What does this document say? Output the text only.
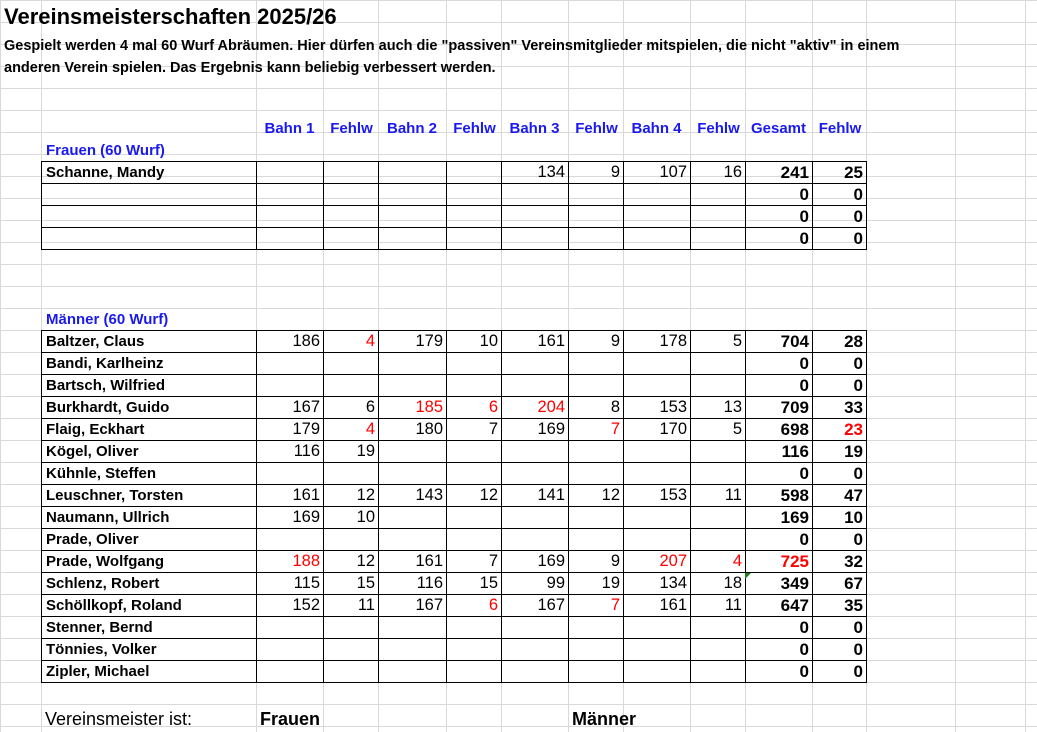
Vereinsmeisterschaften 2025/26
Gespielt werden 4 mal 60 Wurf Abräumen. Hier dürfen auch die "passiven" Vereinsmitglieder mitspielen, die nicht "aktiv" in einem
anderen Verein spielen. Das Ergebnis kann beliebig verbessert werden.
Bahn 1	Fehlw Bahn 2	Fehlw Bahn 3	Fehlw Bahn 4	Fehlw Gesamt Fehlw
Frauen (60 Wurf)
Schanne, Mandy					134	9	107	16	241	25
									0	0
									0	0
									0	0
Männer (60 Wurf)
Baltzer, Claus	186	4	179	10	161	9	178	5	704	28
Bandi, Karlheinz									0	0
Bartsch, Wilfried									0	0
Burkhardt, Guido	167	6	185	6	204	8	153	13	709	33
Flaig, Eckhart	179	4	180	7	169	7	170	5	698	23
Kögel, Oliver	116	19							116	19
Kühnle, Steffen									0	0
Leuschner, Torsten	161	12	143	12	141	12	153	11	598	47
Naumann, Ullrich	169	10							169	10
Prade, Oliver									0	0
Prade, Wolfgang	188	12	161	7	169	9	207	4	725	32
Schlenz, Robert	115	15	116	15	99	19	134	18	349	67
Schöllkopf, Roland	152	11	167	6	167	7	161	11	647	35
Stenner, Bernd									0	0
Tönnies, Volker									0	0
Zipler, Michael									0	0
Vereinsmeister ist:	Frauen	Männer
